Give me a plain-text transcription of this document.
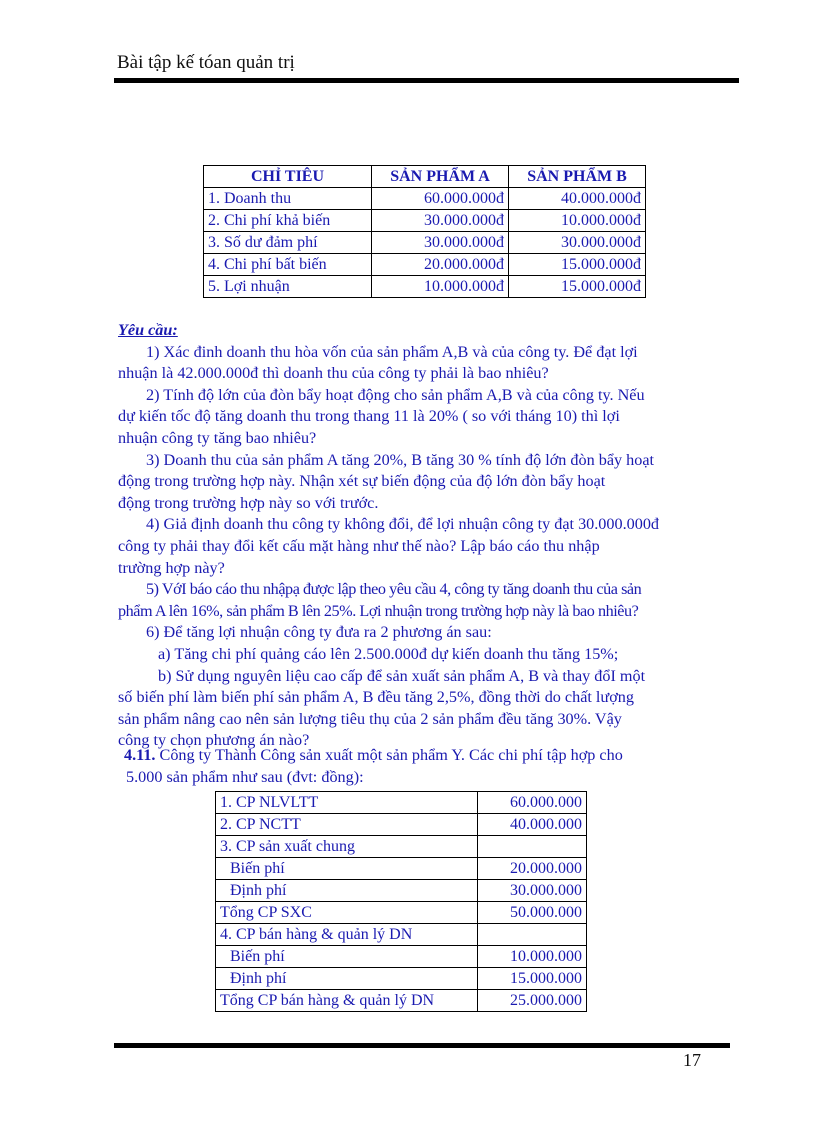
Bài tập kế tóan quản trị
CHỈ TIÊU	SẢN PHẨM A	SẢN PHẨM B
1. Doanh thu	60.000.000đ	40.000.000đ
2. Chi phí khả biến	30.000.000đ	10.000.000đ
3. Số dư đảm phí	30.000.000đ	30.000.000đ
4. Chi phí bất biến	20.000.000đ	15.000.000đ
5. Lợi nhuận	10.000.000đ	15.000.000đ

Yêu cầu:

1) Xác đinh doanh thu hòa vốn của sản phẩm A,B và của công ty. Để đạt lợi

nhuận là 42.000.000đ thì doanh thu của công ty phải là bao nhiêu?

2) Tính độ lớn của đòn bẩy hoạt động cho sản phẩm A,B và của công ty. Nếu

dự kiến tốc độ tăng doanh thu trong thang 11 là 20% ( so với tháng 10) thì lợi

nhuận công ty tăng bao nhiêu?

3) Doanh thu của sản phẩm A tăng 20%, B tăng 30 % tính độ lớn đòn bẩy hoạt

động trong trường hợp này. Nhận xét sự biến động của độ lớn đòn bẩy hoạt

động trong trường hợp này so với trước.

4) Giả định doanh thu công ty không đổi, để lợi nhuận công ty đạt 30.000.000đ

công ty phải thay đổi kết cấu mặt hàng như thế nào? Lập báo cáo thu nhập

trường hợp này?

5) VớI báo cáo thu nhậpạ được lập theo yêu cầu 4, công ty tăng doanh thu của sản

phẩm A lên 16%, sản phẩm B lên 25%. Lợi nhuận trong trường hợp này là bao nhiêu?

6) Để tăng lợi nhuận công ty đưa ra 2 phương án sau:

a) Tăng chi phí quảng cáo lên 2.500.000đ dự kiến doanh thu tăng 15%;

b) Sử dụng nguyên liệu cao cấp để sản xuất sản phẩm A, B và thay đổI một

số biến phí làm biến phí sản phẩm A, B đều tăng 2,5%, đồng thời do chất lượng

sản phẩm nâng cao nên sản lượng tiêu thụ của 2 sản phẩm đều tăng 30%. Vậy

công ty chọn phương án nào?

4.11. Công ty Thành Công sản xuất một sản phẩm Y. Các chi phí tập hợp cho

5.000 sản phẩm như sau (đvt: đồng):

1. CP NLVLTT	60.000.000
2. CP NCTT	40.000.000
3. CP sản xuất chung	
Biến phí	20.000.000
Định phí	30.000.000
Tổng CP SXC	50.000.000
4. CP bán hàng & quản lý DN	
Biến phí	10.000.000
Định phí	15.000.000
Tổng CP bán hàng & quản lý DN	25.000.000
17
